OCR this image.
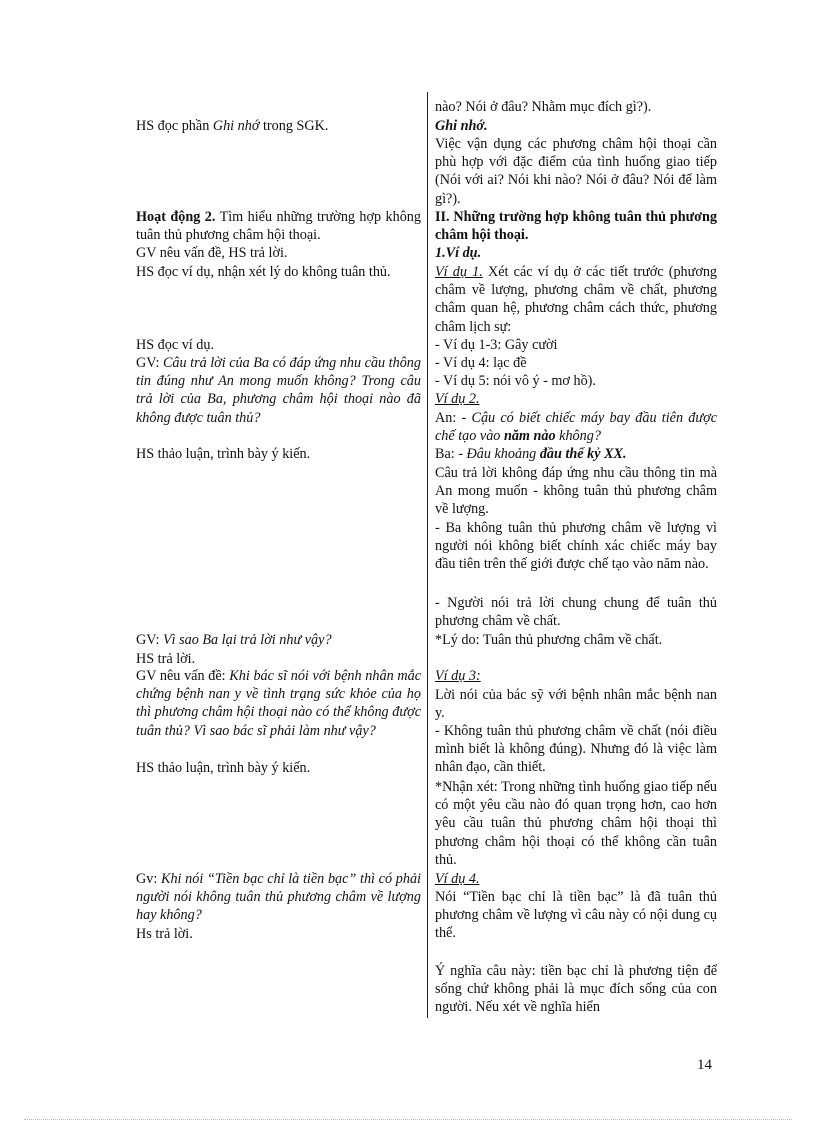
HS đọc phần Ghi nhớ trong SGK.
Hoạt động 2. Tìm hiểu những trường hợp không tuân thủ phương châm hội thoại.
GV nêu vấn đề, HS trả lời.
HS đọc ví dụ, nhận xét lý do không tuân thủ.
HS đọc ví dụ.
GV: Câu trả lời của Ba có đáp ứng nhu cầu thông tin đúng như An mong muốn không? Trong câu trả lời của Ba, phương châm hội thoại nào đã không được tuân thủ?
HS thảo luận, trình bày ý kiến.
GV: Vì sao Ba lại trả lời như vậy?
HS trả lời.
GV nêu vấn đề: Khi bác sĩ nói với bệnh nhân mắc chứng bệnh nan y về tình trạng sức khỏe của họ thì phương châm hội thoại nào có thể không được tuân thủ? Vì sao bác sĩ phải làm như vậy?
HS thảo luận, trình bày ý kiến.
Gv: Khi nói “Tiền bạc chỉ là tiền bạc” thì có phải người nói không tuân thủ phương châm về lượng hay không?
Hs trả lời.
nào? Nói ở đâu? Nhằm mục đích gì?).
Ghi nhớ.
Việc vận dụng các phương châm hội thoại cần phù hợp với đặc điểm của tình huống giao tiếp (Nói với ai? Nói khi nào? Nói ở đâu? Nói để làm gì?).
II. Những trường hợp không tuân thủ phương châm hội thoại.
1.Ví dụ.
Ví dụ 1. Xét các ví dụ ở các tiết trước (phương châm về lượng, phương châm về chất, phương châm quan hệ, phương châm cách thức, phương châm lịch sự:
- Ví dụ 1-3: Gây cười
- Ví dụ 4: lạc đề
- Ví dụ 5: nói vô ý - mơ hồ).
Ví dụ 2.
An: - Cậu có biết chiếc máy bay đầu tiên được chế tạo vào năm nào không?
Ba: - Đâu khoảng đầu thế kỷ XX.
Câu trả lời không đáp ứng nhu cầu thông tin mà An mong muốn - không tuân thủ phương châm về lượng.
- Ba không tuân thủ phương châm về lượng vì người nói không biết chính xác chiếc máy bay đầu tiên trên thế giới được chế tạo vào năm nào.
- Người nói trả lời chung chung để tuân thủ phương châm về chất.
*Lý do: Tuân thủ phương châm về chất.
Ví dụ 3:
Lời nói của bác sỹ với bệnh nhân mắc bệnh nan y.
- Không tuân thủ phương châm về chất (nói điều mình biết là không đúng). Nhưng đó là việc làm nhân đạo, cần thiết.
*Nhận xét: Trong những tình huống giao tiếp nếu có một yêu cầu nào đó quan trọng hơn, cao hơn yêu cầu tuân thủ phương châm hội thoại thì phương châm hội thoại có thể không cần tuân thủ.
Ví dụ 4.
Nói “Tiền bạc chỉ là tiền bạc” là đã tuân thủ phương châm về lượng vì câu này có nội dung cụ thể.
Ý nghĩa câu này: tiền bạc chỉ là phương tiện để sống chứ không phải là mục đích sống của con người. Nếu xét về nghĩa hiển
14
